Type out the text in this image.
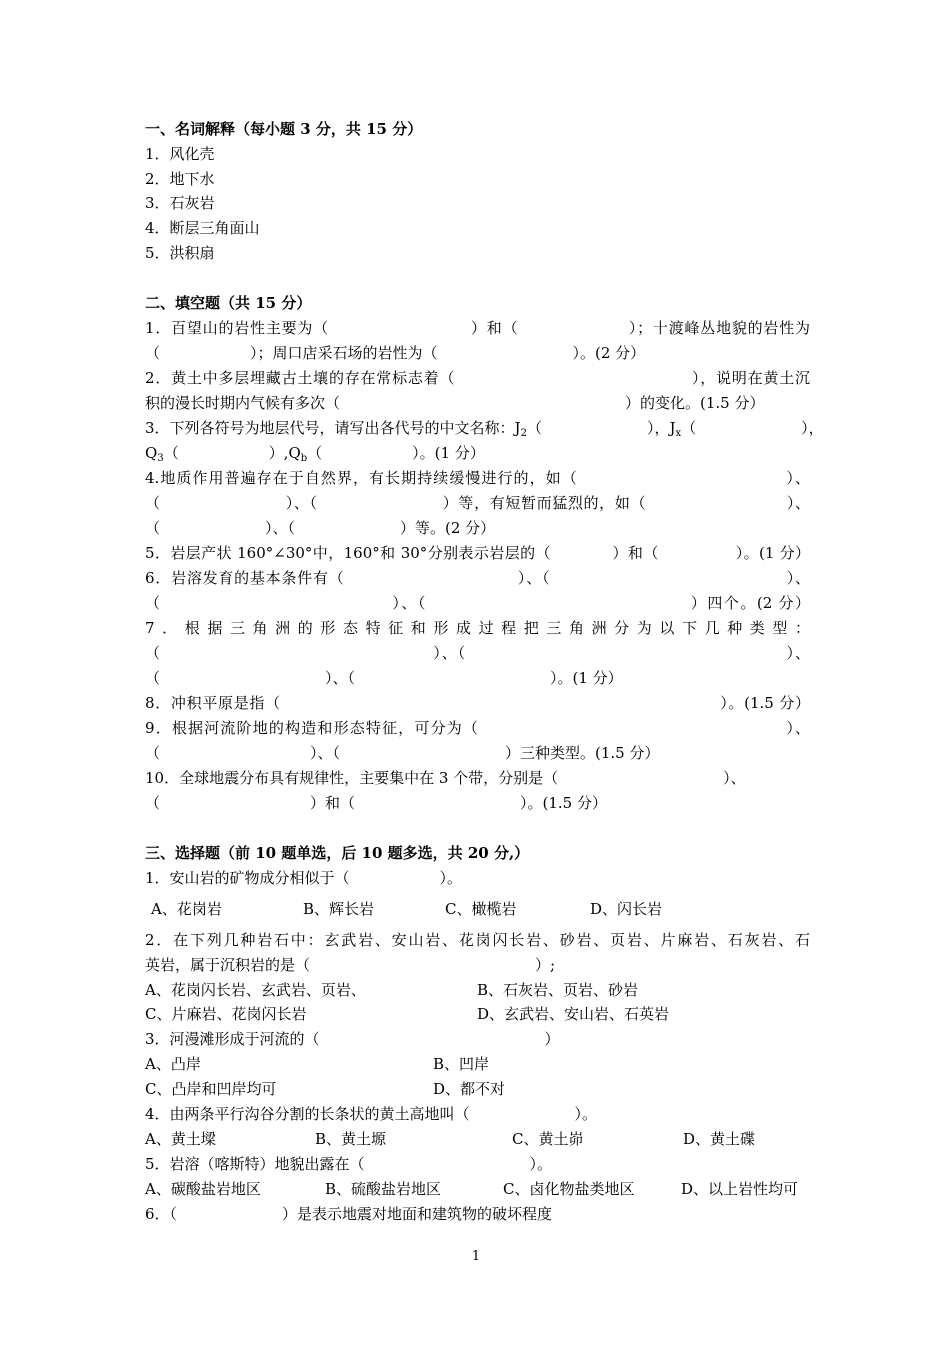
一、名词解释（每小题 3 分，共 15 分）
1．风化壳
2．地下水
3．石灰岩
4．断层三角面山
5．洪积扇
二、填空题（共 15 分）
1．百望山的岩性主要为（　　　　　　　　　）和（　　　　　　　）；十渡峰丛地貌的岩性为
（　　　　　　）；周口店采石场的岩性为（　　　　　　　　　）。(2 分）
2．黄土中多层埋藏古土壤的存在常标志着（　　　　　　　　　　　　　　　），说明在黄土沉
积的漫长时期内气候有多次（　　　　　　　　　　　　　　　　　　　）的变化。(1.5 分）
3．下列各符号为地层代号，请写出各代号的中文名称：$J_2$（　　　　　　　），$J_x$（　　　　　　　），
$Q_3$（　　　　　　）$,Q_b$（　　　　　　）。(1 分）
4.地质作用普遍存在于自然界，有长期持续缓慢进行的，如（　　　　　　　　　　　　　）、
（　　　　　　　　）、（　　　　　　　　）等，有短暂而猛烈的，如（　　　　　　　　　）、
（　　　　　　　）、（　　　　　　　）等。(2 分）
5．岩层产状 160°∠30°中，160°和 30°分别表示岩层的（　　　　）和（　　　　　）。(1 分）
6．岩溶发育的基本条件有（　　　　　　　　　　　）、（　　　　　　　　　　　　　　　）、
（　　　　　　　　　　　　　　）、（　　　　　　　　　　　　　　　　）四个。(2 分）
7．根据三角洲的形态特征和形成过程把三角洲分为以下几种类型：
（　　　　　　　　　　　　　　　　　）、（　　　　　　　　　　　　　　　　　　　　）、
（　　　　　　　　　　　）、（　　　　　　　　　　　　　）。(1 分）
8．冲积平原是指（　　　　　　　　　　　　　　　　　　　　　　　　　　　　）。(1.5 分）
9．根据河流阶地的构造和形态特征，可分为（　　　　　　　　　　　　　　　　　　　）、
（　　　　　　　　　　）、（　　　　　　　　　　　）三种类型。(1.5 分）
10．全球地震分布具有规律性，主要集中在 3 个带，分别是（　　　　　　　　　　　）、
（　　　　　　　　　　）和（　　　　　　　　　　　）。(1.5 分）
三、选择题（前 10 题单选，后 10 题多选，共 20 分,）
1．安山岩的矿物成分相似于（　　　　　　）。
A、花岗岩	B、辉长岩	C、橄榄岩	D、闪长岩
2．在下列几种岩石中：玄武岩、安山岩、花岗闪长岩、砂岩、页岩、片麻岩、石灰岩、石
英岩，属于沉积岩的是（　　　　　　　　　　　　　　　）;
A、花岗闪长岩、玄武岩、页岩、	B、石灰岩、页岩、砂岩
C、片麻岩、花岗闪长岩	D、玄武岩、安山岩、石英岩
3．河漫滩形成于河流的（　　　　　　　　　　　　　　　）
A、凸岸	B、凹岸
C、凸岸和凹岸均可	D、都不对
4．由两条平行沟谷分割的长条状的黄土高地叫（　　　　　　　）。
A、黄土墚	B、黄土塬	C、黄土峁	D、黄土碟
5．岩溶（喀斯特）地貌出露在（　　　　　　　　　　　）。
A、碳酸盐岩地区	B、硫酸盐岩地区	C、卤化物盐类地区	D、以上岩性均可
6．（　　　　　　　）是表示地震对地面和建筑物的破坏程度
1
